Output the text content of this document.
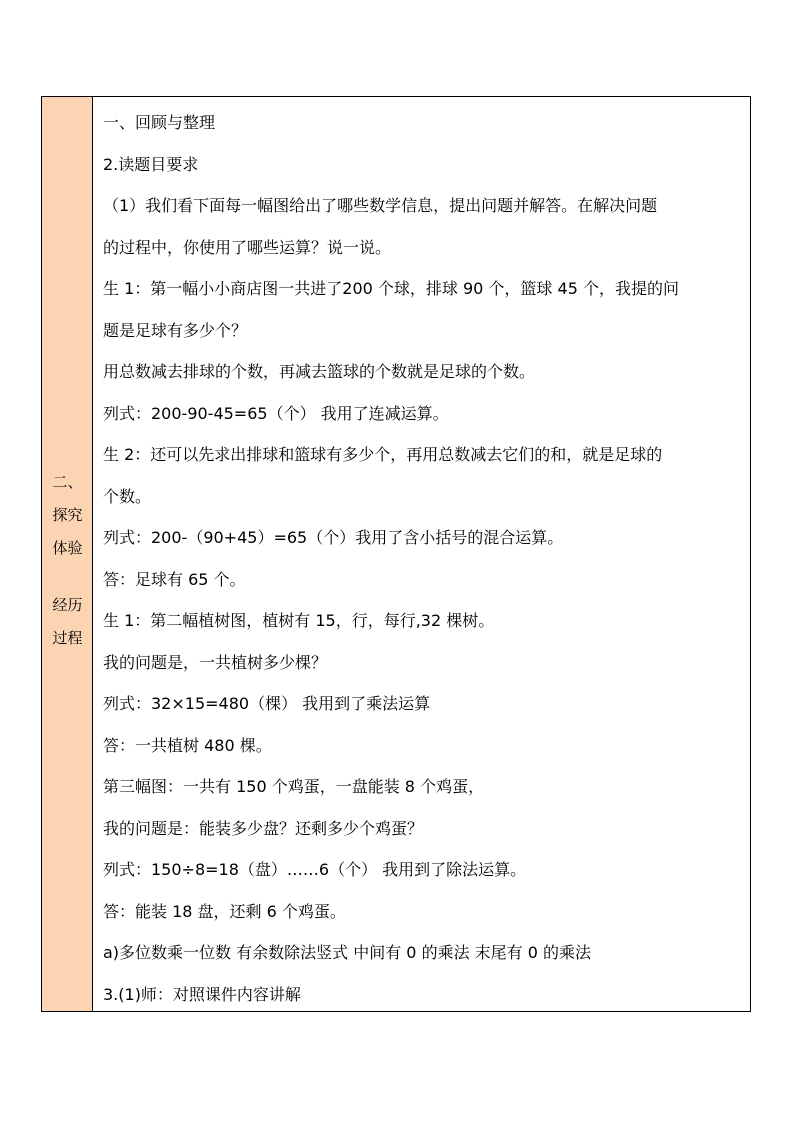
二、
探究
体验
经历
过程
一、回顾与整理
2.读题目要求
（1）我们看下面每一幅图给出了哪些数学信息，提出问题并解答。在解决问题
的过程中，你使用了哪些运算？说一说。
生 1：第一幅小小商店图一共进了200 个球，排球 90 个，篮球 45 个，我提的问
题是足球有多少个？
用总数减去排球的个数，再减去篮球的个数就是足球的个数。
列式：200-90-45=65（个） 我用了连减运算。
生 2：还可以先求出排球和篮球有多少个，再用总数减去它们的和，就是足球的
个数。
列式：200-（90+45）=65（个）我用了含小括号的混合运算。
答：足球有 65 个。
生 1：第二幅植树图，植树有 15，行，每行,32 棵树。
我的问题是，一共植树多少棵？
列式：32×15=480（棵） 我用到了乘法运算
答：一共植树 480 棵。
第三幅图：一共有 150 个鸡蛋，一盘能装 8 个鸡蛋，
我的问题是：能装多少盘？还剩多少个鸡蛋？
列式：150÷8=18（盘）……6（个） 我用到了除法运算。
答：能装 18 盘，还剩 6 个鸡蛋。
a)多位数乘一位数 有余数除法竖式 中间有 0 的乘法 末尾有 0 的乘法
3.(1)师：对照课件内容讲解
